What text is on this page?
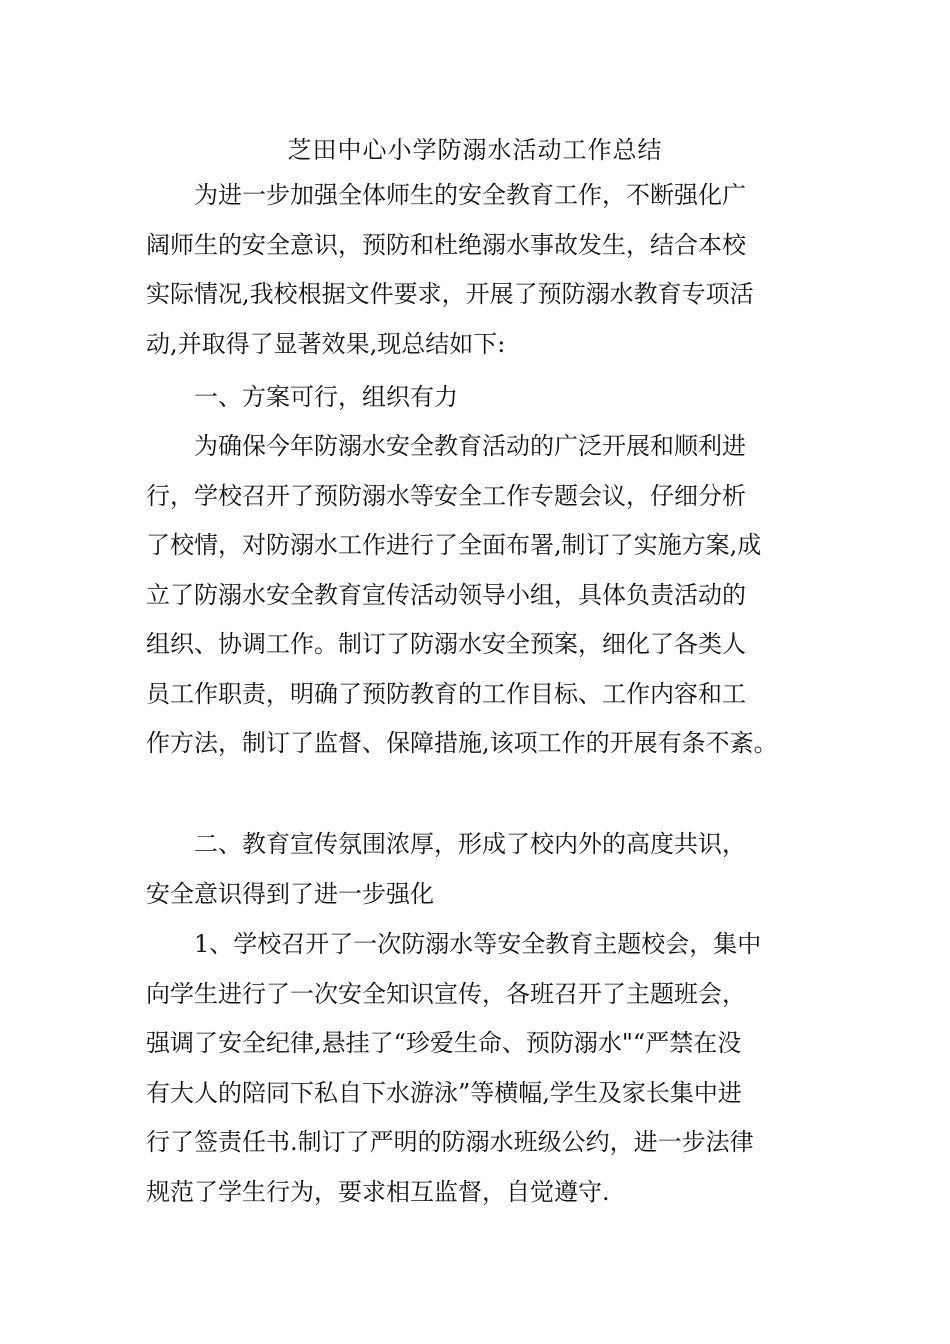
芝田中心小学防溺水活动工作总结
为进一步加强全体师生的安全教育工作，不断强化广
阔师生的安全意识，预防和杜绝溺水事故发生，结合本校
实际情况,我校根据文件要求，开展了预防溺水教育专项活
动,并取得了显著效果,现总结如下:
一、方案可行，组织有力
为确保今年防溺水安全教育活动的广泛开展和顺利进
行，学校召开了预防溺水等安全工作专题会议，仔细分析
了校情，对防溺水工作进行了全面布署,制订了实施方案,成
立了防溺水安全教育宣传活动领导小组，具体负责活动的
组织、协调工作。制订了防溺水安全预案，细化了各类人
员工作职责，明确了预防教育的工作目标、工作内容和工
作方法，制订了监督、保障措施,该项工作的开展有条不紊。
二、教育宣传氛围浓厚，形成了校内外的高度共识，
安全意识得到了进一步强化
1、学校召开了一次防溺水等安全教育主题校会，集中
向学生进行了一次安全知识宣传，各班召开了主题班会，
强调了安全纪律,悬挂了“珍爱生命、预防溺水"“严禁在没
有大人的陪同下私自下水游泳”等横幅,学生及家长集中进
行了签责任书.制订了严明的防溺水班级公约，进一步法律
规范了学生行为，要求相互监督，自觉遵守.
